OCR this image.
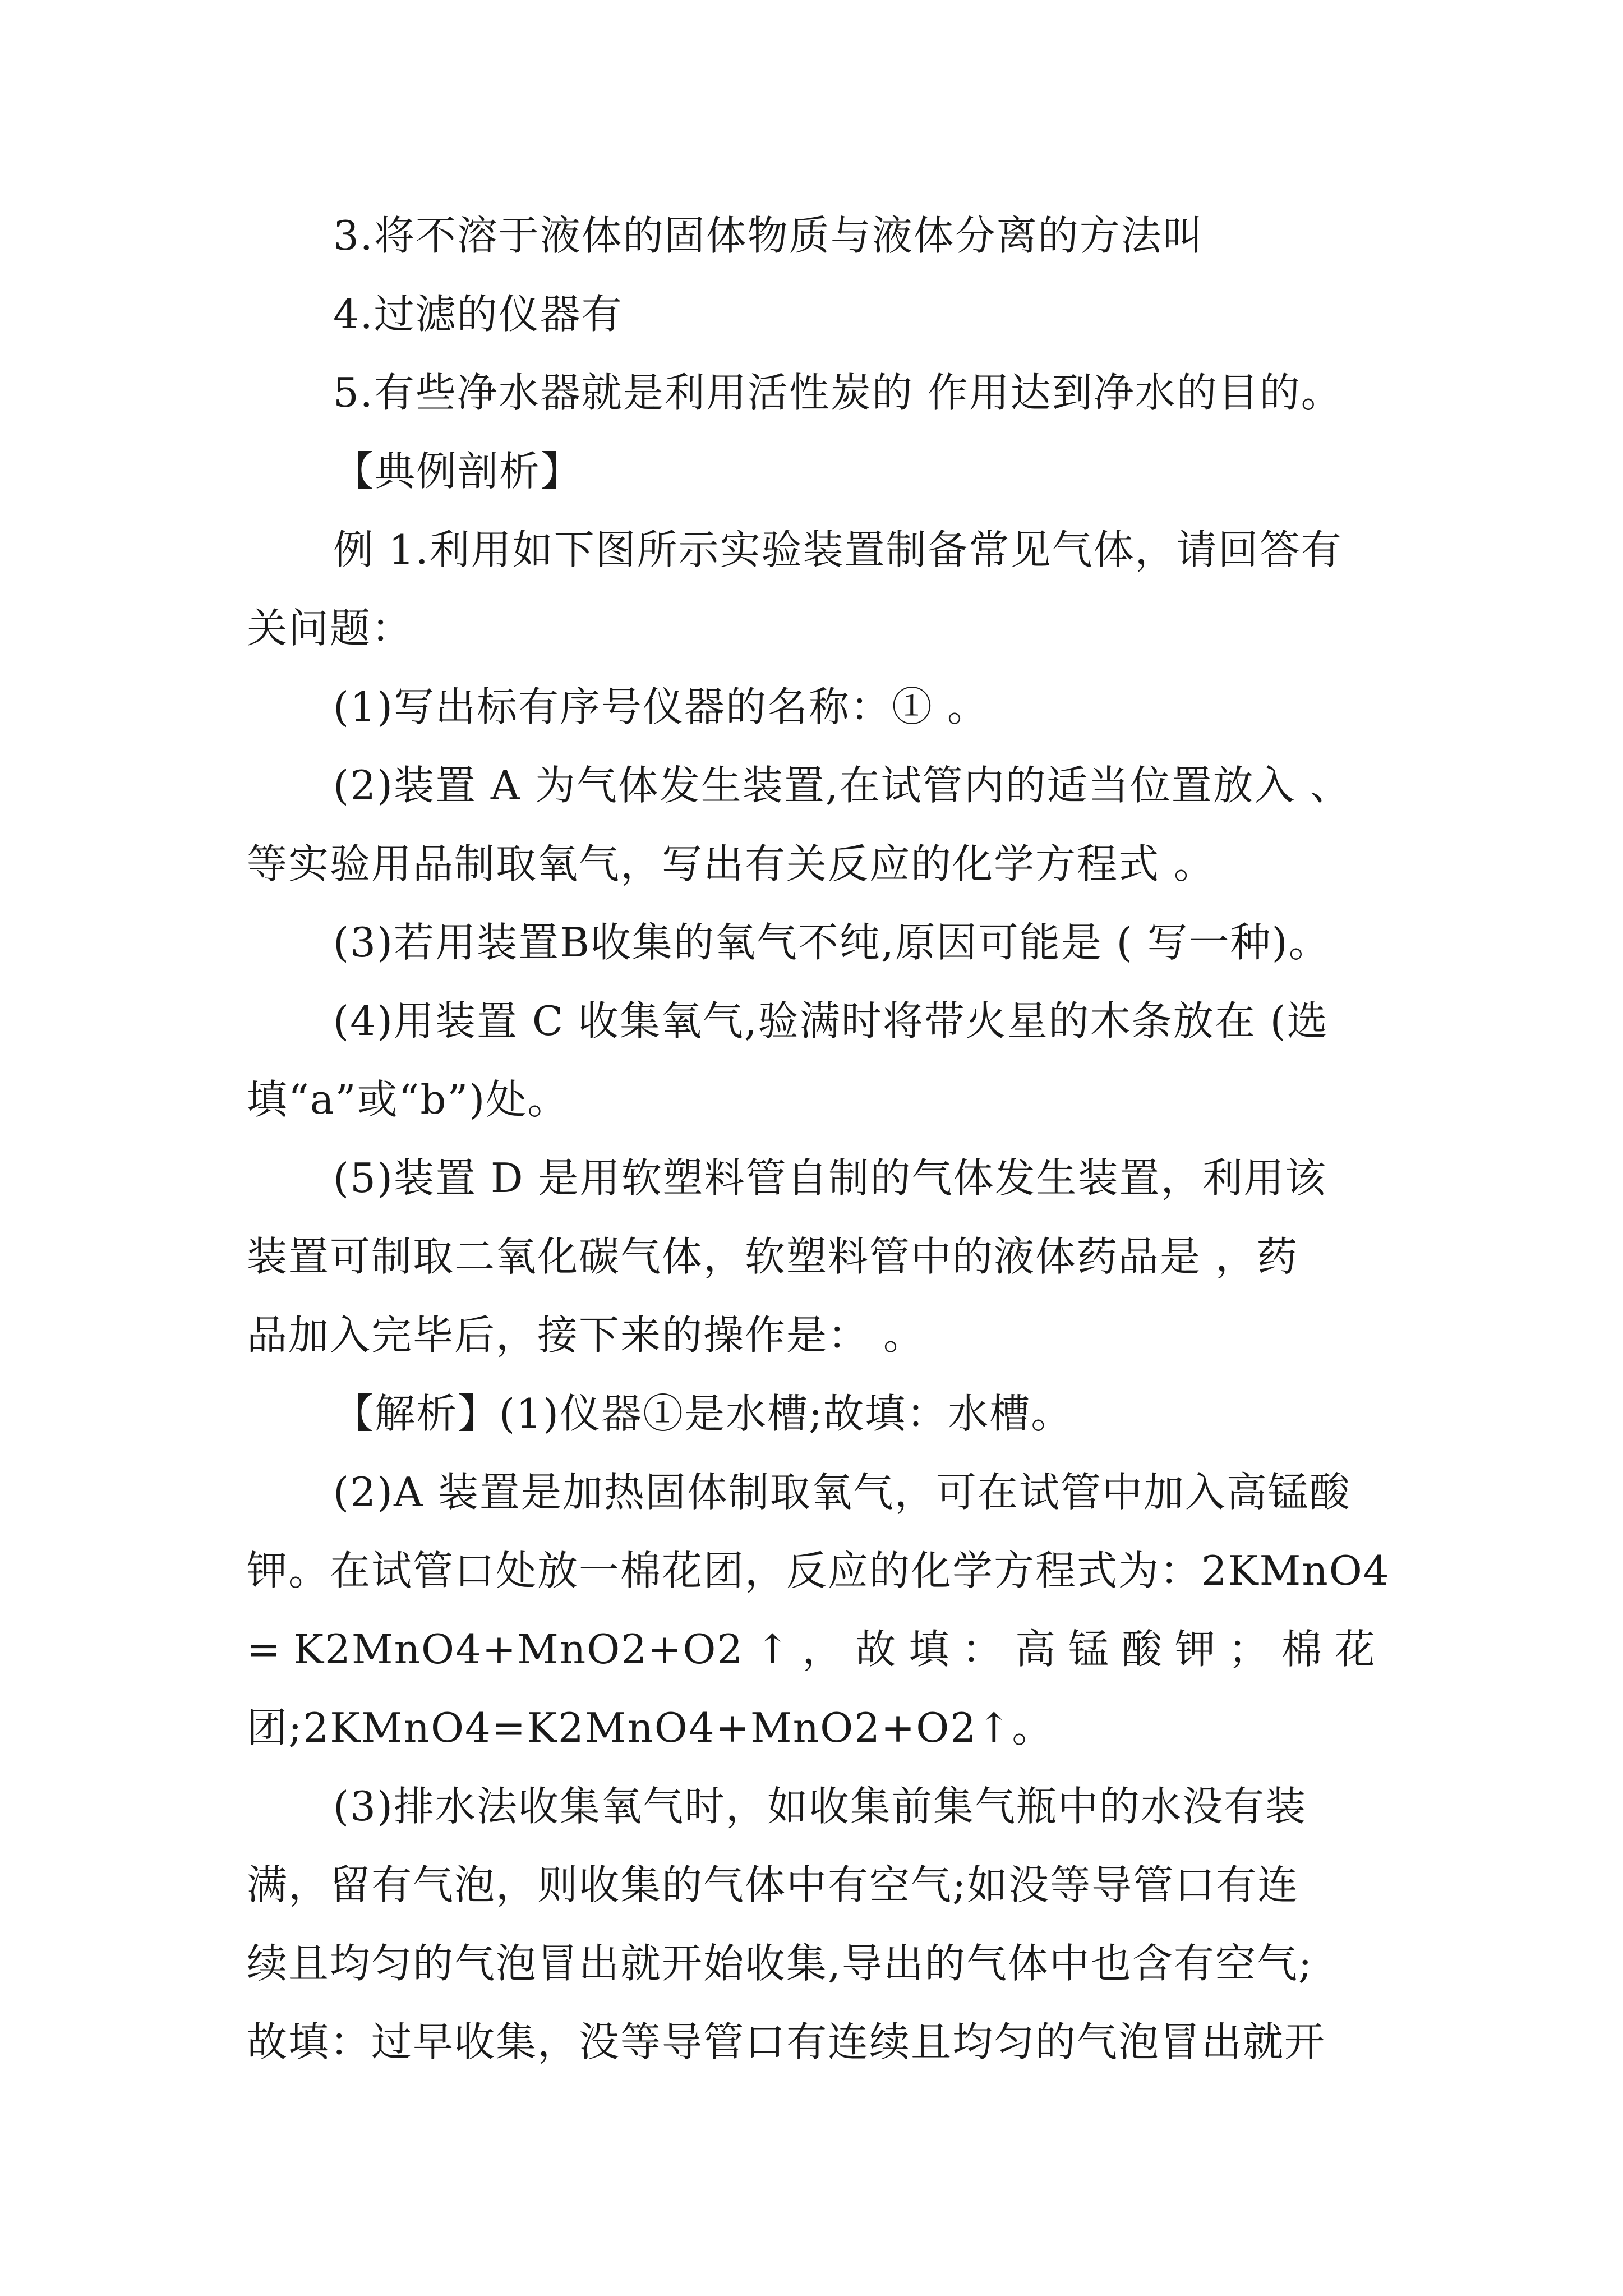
3.将不溶于液体的固体物质与液体分离的方法叫
4.过滤的仪器有
5.有些净水器就是利用活性炭的 作用达到净水的目的。
【典例剖析】
例 1.利用如下图所示实验装置制备常见气体，请回答有
关问题：
(1)写出标有序号仪器的名称：① 。
(2)装置 A 为气体发生装置,在试管内的适当位置放入 、
等实验用品制取氧气，写出有关反应的化学方程式 。
(3)若用装置B收集的氧气不纯,原因可能是 ( 写一种)。
(4)用装置 C 收集氧气,验满时将带火星的木条放在 (选
填“a”或“b”)处。
(5)装置 D 是用软塑料管自制的气体发生装置，利用该
装置可制取二氧化碳气体，软塑料管中的液体药品是 ，药
品加入完毕后，接下来的操作是： 。
【解析】(1)仪器①是水槽;故填：水槽。
(2)A 装置是加热固体制取氧气，可在试管中加入高锰酸
钾。在试管口处放一棉花团，反应的化学方程式为：2KMnO4
= K2MnO4+MnO2+O2 ↑ ， 故 填 ： 高 锰 酸 钾 ； 棉 花
团;2KMnO4=K2MnO4+MnO2+O2↑。
(3)排水法收集氧气时，如收集前集气瓶中的水没有装
满，留有气泡，则收集的气体中有空气;如没等导管口有连
续且均匀的气泡冒出就开始收集,导出的气体中也含有空气;
故填：过早收集，没等导管口有连续且均匀的气泡冒出就开
